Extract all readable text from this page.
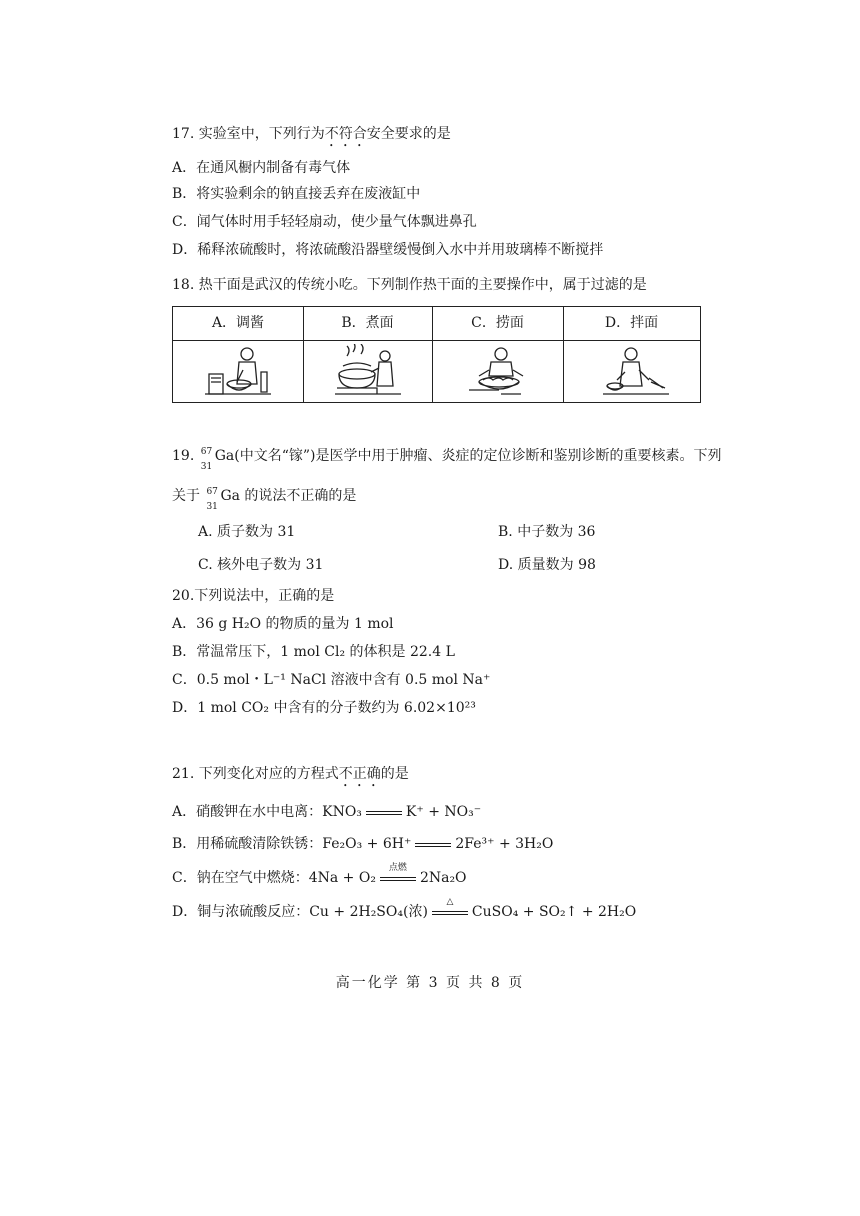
17. 实验室中，下列行为不符合安全要求的是
A．在通风橱内制备有毒气体
B．将实验剩余的钠直接丢弃在废液缸中
C．闻气体时用手轻轻扇动，使少量气体飘进鼻孔
D．稀释浓硫酸时，将浓硫酸沿器壁缓慢倒入水中并用玻璃棒不断搅拌
18. 热干面是武汉的传统小吃。下列制作热干面的主要操作中，属于过滤的是
A．调酱	B．煮面	C．捞面	D．拌面
19. 67
31
Ga(中文名“镓”)是医学中用于肿瘤、炎症的定位诊断和鉴别诊断的重要核素。下列
关于 67
31
Ga 的说法不正确的是
A. 质子数为 31	B. 中子数为 36
C. 核外电子数为 31	D. 质量数为 98
20.下列说法中，正确的是
A．36 g H₂O 的物质的量为 1 mol
B．常温常压下，1 mol Cl₂ 的体积是 22.4 L
C．0.5 mol・L⁻¹ NaCl 溶液中含有 0.5 mol Na⁺
D．1 mol CO₂ 中含有的分子数约为 6.02×10²³
21. 下列变化对应的方程式不正确的是
A．硝酸钾在水中电离：KNO₃	K⁺ + NO₃⁻
B．用稀硫酸清除铁锈：Fe₂O₃ + 6H⁺	2Fe³⁺ + 3H₂O
C．钠在空气中燃烧：4Na + O₂
点燃
2Na₂O
D．铜与浓硫酸反应：Cu + 2H₂SO₄(浓)
△
CuSO₄ + SO₂↑ + 2H₂O
高一化学 第 3 页 共 8 页
